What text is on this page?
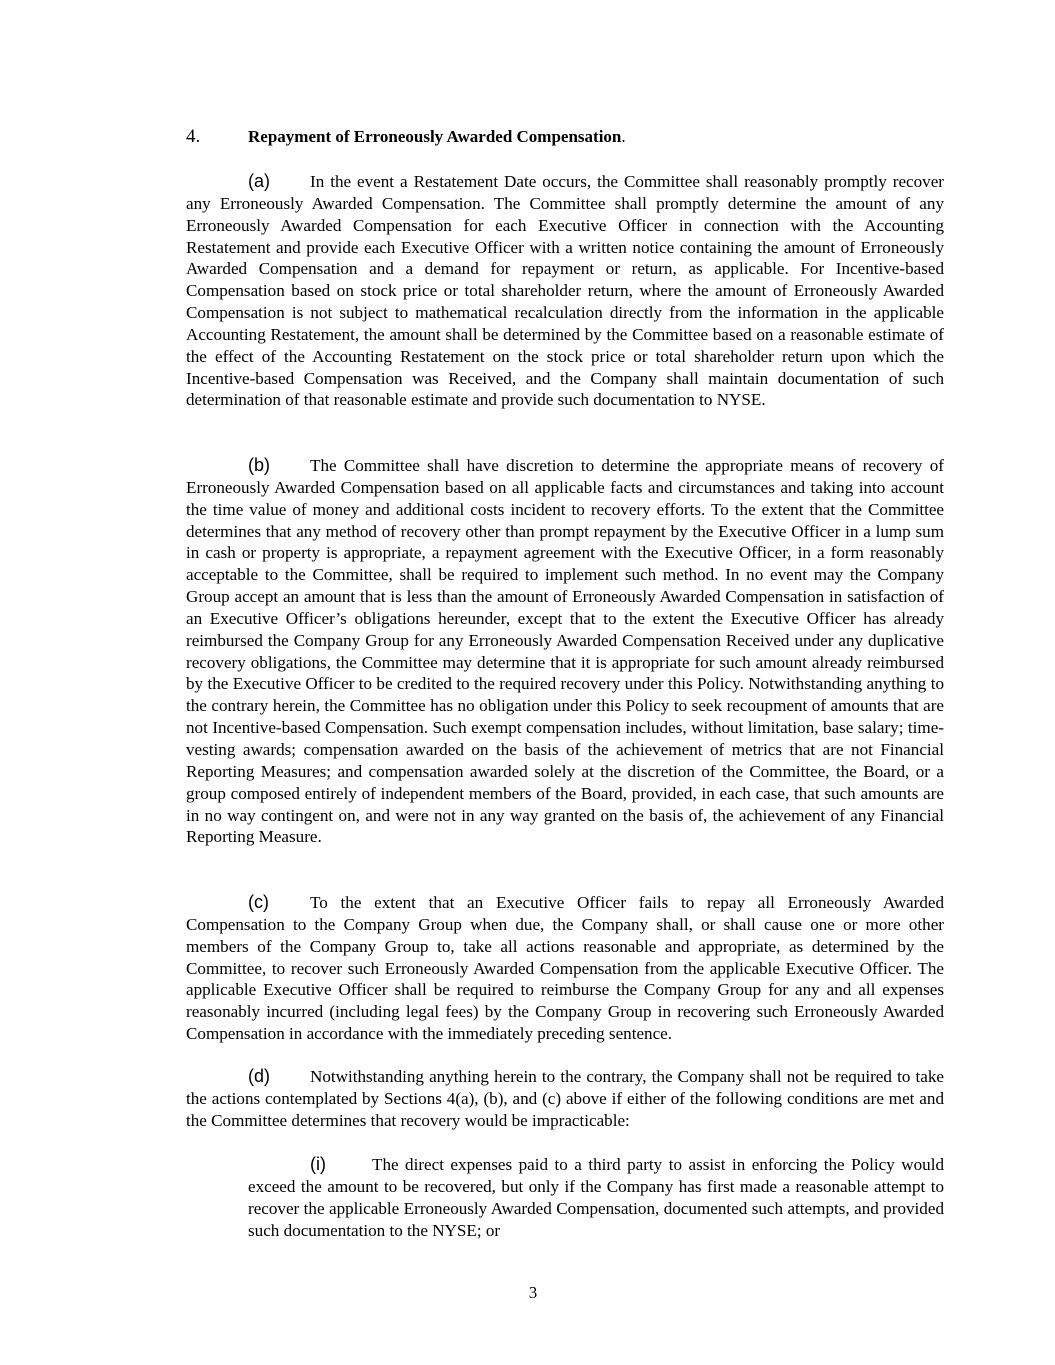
4.	Repayment of Erroneously Awarded Compensation.

(a) In the event a Restatement Date occurs, the Committee shall reasonably promptly recover any Erroneously Awarded Compensation. The Committee shall promptly determine the amount of any Erroneously Awarded Compensation for each Executive Officer in connection with the Accounting Restatement and provide each Executive Officer with a written notice containing the amount of Erroneously Awarded Compensation and a demand for repayment or return, as applicable. For Incentive-based Compensation based on stock price or total shareholder return, where the amount of Erroneously Awarded Compensation is not subject to mathematical recalculation directly from the information in the applicable Accounting Restatement, the amount shall be determined by the Committee based on a reasonable estimate of the effect of the Accounting Restatement on the stock price or total shareholder return upon which the Incentive-based Compensation was Received, and the Company shall maintain documentation of such determination of that reasonable estimate and provide such documentation to NYSE.

(b) The Committee shall have discretion to determine the appropriate means of recovery of Erroneously Awarded Compensation based on all applicable facts and circumstances and taking into account the time value of money and additional costs incident to recovery efforts. To the extent that the Committee determines that any method of recovery other than prompt repayment by the Executive Officer in a lump sum in cash or property is appropriate, a repayment agreement with the Executive Officer, in a form reasonably acceptable to the Committee, shall be required to implement such method. In no event may the Company Group accept an amount that is less than the amount of Erroneously Awarded Compensation in satisfaction of an Executive Officer’s obligations hereunder, except that to the extent the Executive Officer has already reimbursed the Company Group for any Erroneously Awarded Compensation Received under any duplicative recovery obligations, the Committee may determine that it is appropriate for such amount already reimbursed by the Executive Officer to be credited to the required recovery under this Policy. Notwithstanding anything to the contrary herein, the Committee has no obligation under this Policy to seek recoupment of amounts that are not Incentive-based Compensation. Such exempt compensation includes, without limitation, base salary; time-vesting awards; compensation awarded on the basis of the achievement of metrics that are not Financial Reporting Measures; and compensation awarded solely at the discretion of the Committee, the Board, or a group composed entirely of independent members of the Board, provided, in each case, that such amounts are in no way contingent on, and were not in any way granted on the basis of, the achievement of any Financial Reporting Measure.

(c) To the extent that an Executive Officer fails to repay all Erroneously Awarded Compensation to the Company Group when due, the Company shall, or shall cause one or more other members of the Company Group to, take all actions reasonable and appropriate, as determined by the Committee, to recover such Erroneously Awarded Compensation from the applicable Executive Officer. The applicable Executive Officer shall be required to reimburse the Company Group for any and all expenses reasonably incurred (including legal fees) by the Company Group in recovering such Erroneously Awarded Compensation in accordance with the immediately preceding sentence.

(d) Notwithstanding anything herein to the contrary, the Company shall not be required to take the actions contemplated by Sections 4(a), (b), and (c) above if either of the following conditions are met and the Committee determines that recovery would be impracticable:

(i)	The direct expenses paid to a third party to assist in enforcing the Policy would exceed the amount to be recovered, but only if the Company has first made a reasonable attempt to recover the applicable Erroneously Awarded Compensation, documented such attempts, and provided such documentation to the NYSE; or

3
